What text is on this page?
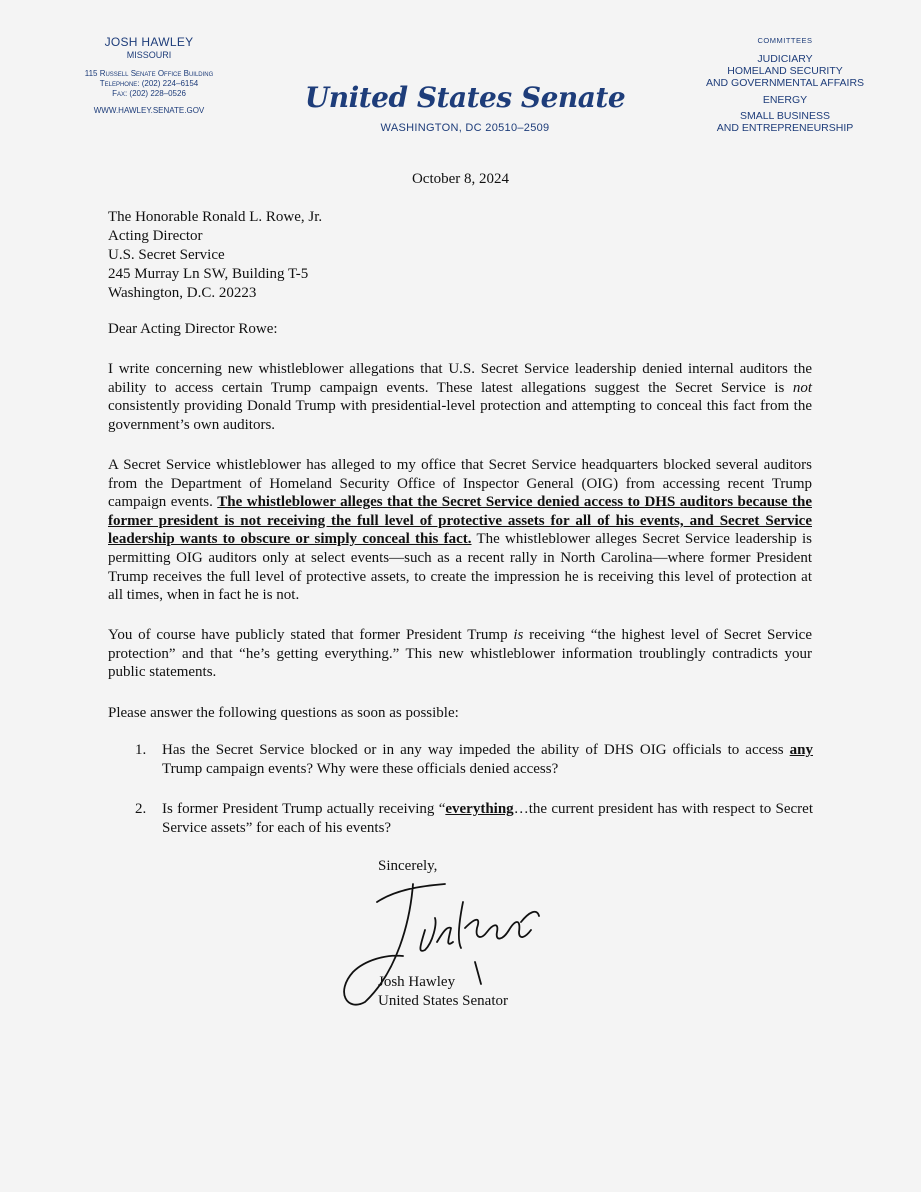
JOSH HAWLEY
MISSOURI
115 Russell Senate Office Building
Telephone: (202) 224–6154
Fax: (202) 228–0526
WWW.HAWLEY.SENATE.GOV	United States Senate
WASHINGTON, DC 20510–2509
COMMITTEES
JUDICIARY
HOMELAND SECURITY
AND GOVERNMENTAL AFFAIRS
ENERGY
SMALL BUSINESS
AND ENTREPRENEURSHIP
October 8, 2024
The Honorable Ronald L. Rowe, Jr.
Acting Director
U.S. Secret Service
245 Murray Ln SW, Building T-5
Washington, D.C. 20223
Dear Acting Director Rowe:

I write concerning new whistleblower allegations that U.S. Secret Service leadership denied internal auditors the ability to access certain Trump campaign events. These latest allegations suggest the Secret Service is not consistently providing Donald Trump with presidential-level protection and attempting to conceal this fact from the government’s own auditors.

A Secret Service whistleblower has alleged to my office that Secret Service headquarters blocked several auditors from the Department of Homeland Security Office of Inspector General (OIG) from accessing recent Trump campaign events. The whistleblower alleges that the Secret Service denied access to DHS auditors because the former president is not receiving the full level of protective assets for all of his events, and Secret Service leadership wants to obscure or simply conceal this fact. The whistleblower alleges Secret Service leadership is permitting OIG auditors only at select events—such as a recent rally in North Carolina—where former President Trump receives the full level of protective assets, to create the impression he is receiving this level of protection at all times, when in fact he is not.

You of course have publicly stated that former President Trump is receiving “the highest level of Secret Service protection” and that “he’s getting everything.” This new whistleblower information troublingly contradicts your public statements.

Please answer the following questions as soon as possible:

1. Has the Secret Service blocked or in any way impeded the ability of DHS OIG officials to access any Trump campaign events? Why were these officials denied access?
2. Is former President Trump actually receiving “everything…the current president has with respect to Secret Service assets” for each of his events?
Sincerely,
Josh Hawley
United States Senator
